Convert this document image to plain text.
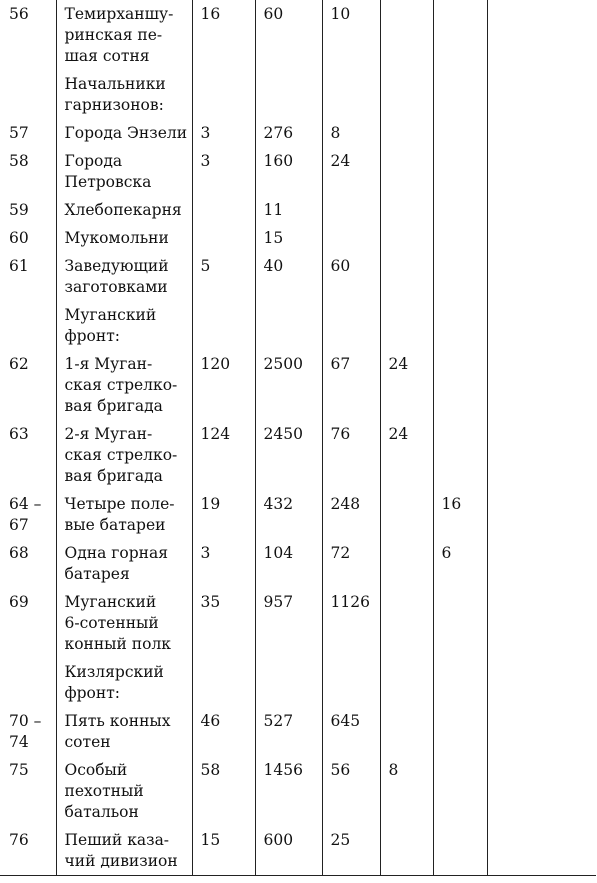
56	Темирханшу-
ринская пе-
шая сотня	16	60	10			
	Начальники
гарнизонов:						
57	Города Энзели	3	276	8			
58	Города
Петровска	3	160	24			
59	Хлебопекарня		11				
60	Мукомольни		15				
61	Заведующий
заготовками	5	40	60			
	Муганский
фронт:						
62	1-я Муган-
ская стрелко-
вая бригада	120	2500	67	24		
63	2-я Муган-
ская стрелко-
вая бригада	124	2450	76	24		
64 –
67	Четыре поле-
вые батареи	19	432	248		16	
68	Одна горная
батарея	3	104	72		6	
69	Муганский
6-сотенный
конный полк	35	957	1126			
	Кизлярский
фронт:						
70 –
74	Пять конных
сотен	46	527	645			
75	Особый
пехотный
батальон	58	1456	56	8		
76	Пеший каза-
чий дивизион	15	600	25			
